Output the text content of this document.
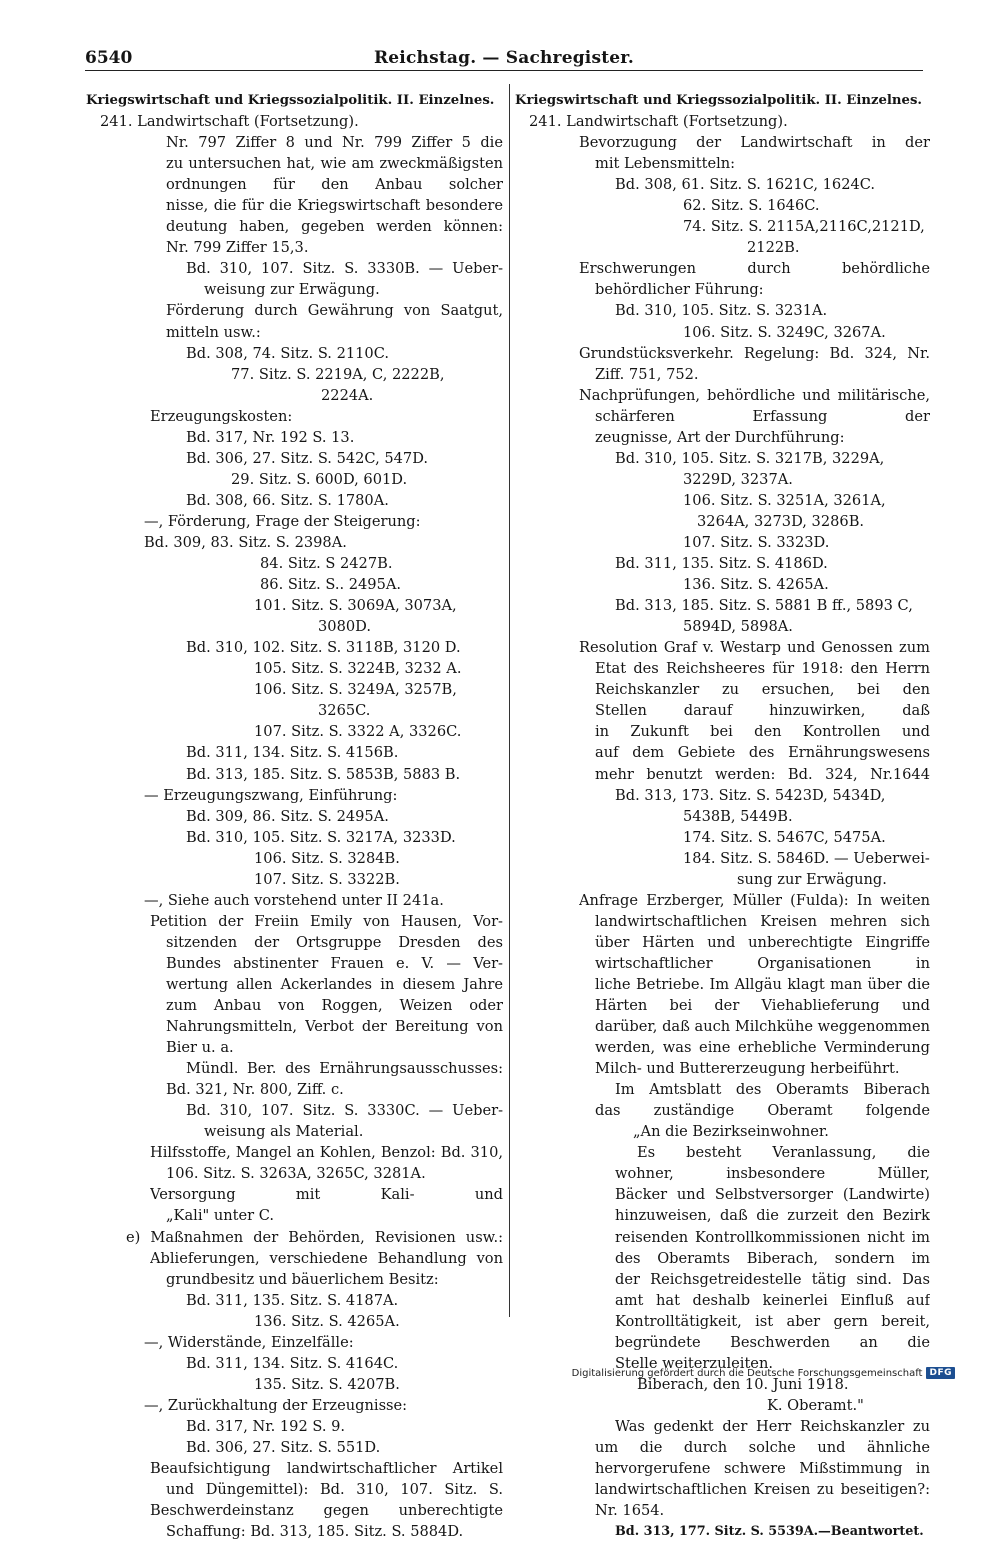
6540	Reichstag. — Sachregister.
Kriegswirtschaft und Kriegssozialpolitik. II. Einzelnes.
241. Landwirtschaft (Fortsetzung).
Nr. 797 Ziffer 8 und Nr. 799 Ziffer 5 die
zu untersuchen hat, wie am zweckmäßigsten
ordnungen für den Anbau solcher
nisse, die für die Kriegswirtschaft besondere
deutung haben, gegeben werden können:
Nr. 799 Ziffer 15,3.
Bd. 310, 107. Sitz. S. 3330B. — Ueber-
weisung zur Erwägung.
Förderung durch Gewährung von Saatgut,
mitteln usw.:
Bd. 308, 74. Sitz. S. 2110C.
77. Sitz. S. 2219A, C, 2222B,
2224A.
Erzeugungskosten:
Bd. 317, Nr. 192 S. 13.
Bd. 306, 27. Sitz. S. 542C, 547D.
29. Sitz. S. 600D, 601D.
Bd. 308, 66. Sitz. S. 1780A.
—, Förderung, Frage der Steigerung:
Bd. 309, 83. Sitz. S. 2398A.
84. Sitz. S 2427B.
86. Sitz. S.. 2495A.
101. Sitz. S. 3069A, 3073A,
3080D.
Bd. 310, 102. Sitz. S. 3118B, 3120 D.
105. Sitz. S. 3224B, 3232 A.
106. Sitz. S. 3249A, 3257B,
3265C.
107. Sitz. S. 3322 A, 3326C.
Bd. 311, 134. Sitz. S. 4156B.
Bd. 313, 185. Sitz. S. 5853B, 5883 B.
— Erzeugungszwang, Einführung:
Bd. 309, 86. Sitz. S. 2495A.
Bd. 310, 105. Sitz. S. 3217A, 3233D.
106. Sitz. S. 3284B.
107. Sitz. S. 3322B.
—, Siehe auch vorstehend unter II 241a.
Petition der Freiin Emily von Hausen, Vor-
sitzenden der Ortsgruppe Dresden des
Bundes abstinenter Frauen e. V. — Ver-
wertung allen Ackerlandes in diesem Jahre
zum Anbau von Roggen, Weizen oder
Nahrungsmitteln, Verbot der Bereitung von
Bier u. a.
Mündl. Ber. des Ernährungsausschusses:
Bd. 321, Nr. 800, Ziff. c.
Bd. 310, 107. Sitz. S. 3330C. — Ueber-
weisung als Material.
Hilfsstoffe, Mangel an Kohlen, Benzol: Bd. 310,
106. Sitz. S. 3263A, 3265C, 3281A.
Versorgung mit Kali- und
„Kali" unter C.
e) Maßnahmen der Behörden, Revisionen usw.:
Ablieferungen, verschiedene Behandlung von
grundbesitz und bäuerlichem Besitz:
Bd. 311, 135. Sitz. S. 4187A.
136. Sitz. S. 4265A.
—, Widerstände, Einzelfälle:
Bd. 311, 134. Sitz. S. 4164C.
135. Sitz. S. 4207B.
—, Zurückhaltung der Erzeugnisse:
Bd. 317, Nr. 192 S. 9.
Bd. 306, 27. Sitz. S. 551D.
Beaufsichtigung landwirtschaftlicher Artikel
und Düngemittel): Bd. 310, 107. Sitz. S.
Beschwerdeinstanz gegen unberechtigte
Schaffung: Bd. 313, 185. Sitz. S. 5884D.
Kriegswirtschaft und Kriegssozialpolitik. II. Einzelnes.
241. Landwirtschaft (Fortsetzung).
Bevorzugung der Landwirtschaft in der
mit Lebensmitteln:
Bd. 308, 61. Sitz. S. 1621C, 1624C.
62. Sitz. S. 1646C.
74. Sitz. S. 2115A,2116C,2121D,
2122B.
Erschwerungen durch behördliche
behördlicher Führung:
Bd. 310, 105. Sitz. S. 3231A.
106. Sitz. S. 3249C, 3267A.
Grundstücksverkehr. Regelung: Bd. 324, Nr.
Ziff. 751, 752.
Nachprüfungen, behördliche und militärische,
schärferen Erfassung der
zeugnisse, Art der Durchführung:
Bd. 310, 105. Sitz. S. 3217B, 3229A,
3229D, 3237A.
106. Sitz. S. 3251A, 3261A,
3264A, 3273D, 3286B.
107. Sitz. S. 3323D.
Bd. 311, 135. Sitz. S. 4186D.
136. Sitz. S. 4265A.
Bd. 313, 185. Sitz. S. 5881 B ff., 5893 C,
5894D, 5898A.
Resolution Graf v. Westarp und Genossen zum
Etat des Reichsheeres für 1918: den Herrn
Reichskanzler zu ersuchen, bei den
Stellen darauf hinzuwirken, daß
in Zukunft bei den Kontrollen und
auf dem Gebiete des Ernährungswesens
mehr benutzt werden: Bd. 324, Nr.1644
Bd. 313, 173. Sitz. S. 5423D, 5434D,
5438B, 5449B.
174. Sitz. S. 5467C, 5475A.
184. Sitz. S. 5846D. — Ueberwei-
sung zur Erwägung.
Anfrage Erzberger, Müller (Fulda): In weiten
landwirtschaftlichen Kreisen mehren sich
über Härten und unberechtigte Eingriffe
wirtschaftlicher Organisationen in
liche Betriebe. Im Allgäu klagt man über die
Härten bei der Viehablieferung und
darüber, daß auch Milchkühe weggenommen
werden, was eine erhebliche Verminderung
Milch- und Buttererzeugung herbeiführt.
Im Amtsblatt des Oberamts Biberach
das zuständige Oberamt folgende
„An die Bezirkseinwohner.
Es besteht Veranlassung, die
wohner, insbesondere Müller,
Bäcker und Selbstversorger (Landwirte)
hinzuweisen, daß die zurzeit den Bezirk
reisenden Kontrollkommissionen nicht im
des Oberamts Biberach, sondern im
der Reichsgetreidestelle tätig sind. Das
amt hat deshalb keinerlei Einfluß auf
Kontrolltätigkeit, ist aber gern bereit,
begründete Beschwerden an die
Stelle weiterzuleiten.
Biberach, den 10. Juni 1918.
K. Oberamt."
Was gedenkt der Herr Reichskanzler zu
um die durch solche und ähnliche
hervorgerufene schwere Mißstimmung in
landwirtschaftlichen Kreisen zu beseitigen?:
Nr. 1654.
Bd. 313, 177. Sitz. S. 5539A.—Beantwortet.
Digitalisierung gefördert durch die Deutsche Forschungsgemeinschaft DFG
